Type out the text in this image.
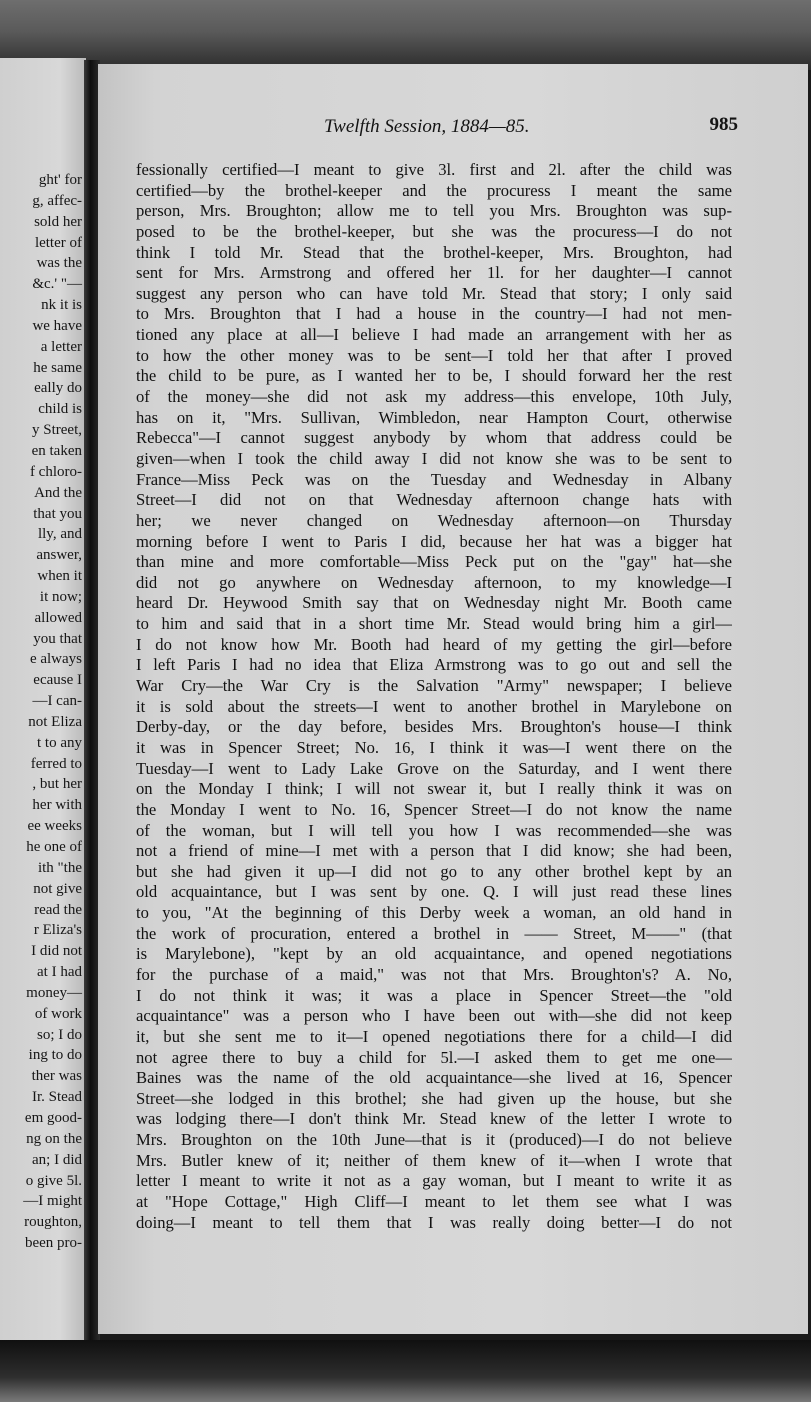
ght' for
g, affec-
sold her
letter of
was the
&c.' "—
nk it is
we have
a letter
he same
eally do
child is
y Street,
en taken
f chloro-
And the
that you
lly, and
answer,
when it
it now;
allowed
you that
e always
ecause I
—I can-
not Eliza
t to any
ferred to
, but her
her with
ee weeks
he one of
ith "the
not give
read the
r Eliza's
I did not
at I had
money—
of work
so; I do
ing to do
ther was
Ir. Stead
em good-
ng on the
an; I did
o give 5l.
—I might
roughton,
been pro-
Twelfth Session, 1884—85.	985
fessionally certified—I meant to give 3l. first and 2l. after the child was
certified—by the brothel-keeper and the procuress I meant the same
person, Mrs. Broughton; allow me to tell you Mrs. Broughton was sup-
posed to be the brothel-keeper, but she was the procuress—I do not
think I told Mr. Stead that the brothel-keeper, Mrs. Broughton, had
sent for Mrs. Armstrong and offered her 1l. for her daughter—I cannot
suggest any person who can have told Mr. Stead that story; I only said
to Mrs. Broughton that I had a house in the country—I had not men-
tioned any place at all—I believe I had made an arrangement with her as
to how the other money was to be sent—I told her that after I proved
the child to be pure, as I wanted her to be, I should forward her the rest
of the money—she did not ask my address—this envelope, 10th July,
has on it, "Mrs. Sullivan, Wimbledon, near Hampton Court, otherwise
Rebecca"—I cannot suggest anybody by whom that address could be
given—when I took the child away I did not know she was to be sent to
France—Miss Peck was on the Tuesday and Wednesday in Albany
Street—I did not on that Wednesday afternoon change hats with
her; we never changed on Wednesday afternoon—on Thursday
morning before I went to Paris I did, because her hat was a bigger hat
than mine and more comfortable—Miss Peck put on the "gay" hat—she
did not go anywhere on Wednesday afternoon, to my knowledge—I
heard Dr. Heywood Smith say that on Wednesday night Mr. Booth came
to him and said that in a short time Mr. Stead would bring him a girl—
I do not know how Mr. Booth had heard of my getting the girl—before
I left Paris I had no idea that Eliza Armstrong was to go out and sell the
War Cry—the War Cry is the Salvation "Army" newspaper; I believe
it is sold about the streets—I went to another brothel in Marylebone on
Derby-day, or the day before, besides Mrs. Broughton's house—I think
it was in Spencer Street; No. 16, I think it was—I went there on the
Tuesday—I went to Lady Lake Grove on the Saturday, and I went there
on the Monday I think; I will not swear it, but I really think it was on
the Monday I went to No. 16, Spencer Street—I do not know the name
of the woman, but I will tell you how I was recommended—she was
not a friend of mine—I met with a person that I did know; she had been,
but she had given it up—I did not go to any other brothel kept by an
old acquaintance, but I was sent by one. Q. I will just read these lines
to you, "At the beginning of this Derby week a woman, an old hand in
the work of procuration, entered a brothel in —— Street, M——" (that
is Marylebone), "kept by an old acquaintance, and opened negotiations
for the purchase of a maid," was not that Mrs. Broughton's? A. No,
I do not think it was; it was a place in Spencer Street—the "old
acquaintance" was a person who I have been out with—she did not keep
it, but she sent me to it—I opened negotiations there for a child—I did
not agree there to buy a child for 5l.—I asked them to get me one—
Baines was the name of the old acquaintance—she lived at 16, Spencer
Street—she lodged in this brothel; she had given up the house, but she
was lodging there—I don't think Mr. Stead knew of the letter I wrote to
Mrs. Broughton on the 10th June—that is it (produced)—I do not believe
Mrs. Butler knew of it; neither of them knew of it—when I wrote that
letter I meant to write it not as a gay woman, but I meant to write it as
at "Hope Cottage," High Cliff—I meant to let them see what I was
doing—I meant to tell them that I was really doing better—I do not
